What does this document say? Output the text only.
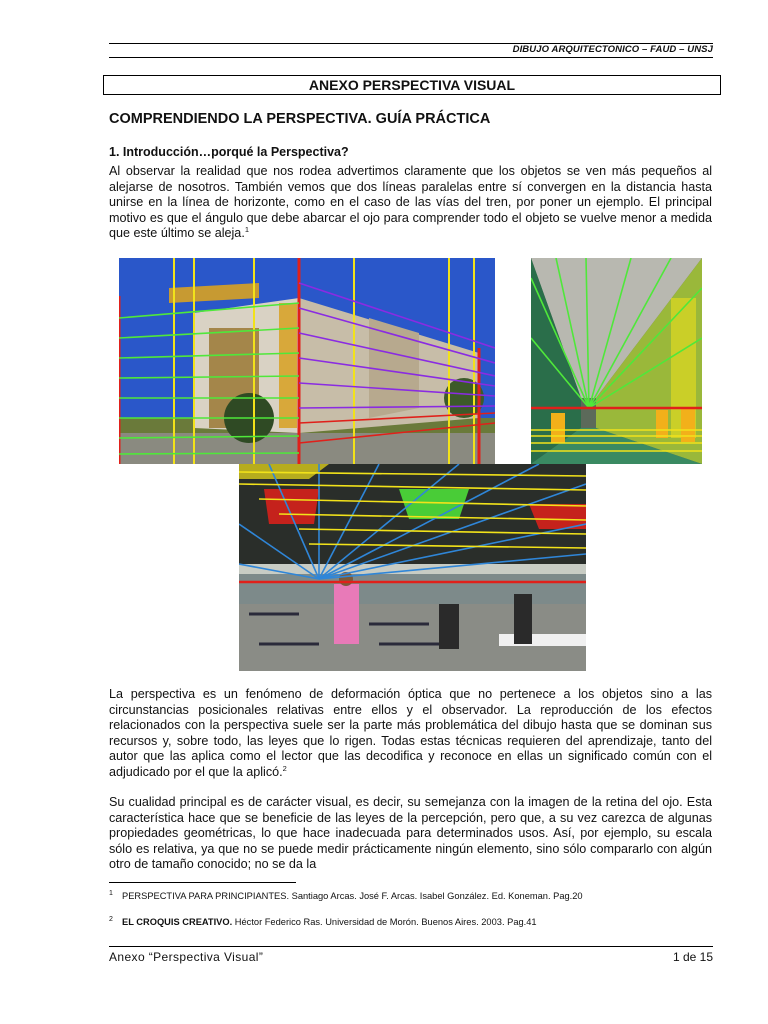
DIBUJO ARQUITECTONICO – FAUD – UNSJ
ANEXO PERSPECTIVA VISUAL
COMPRENDIENDO LA PERSPECTIVA. GUÍA PRÁCTICA
1. Introducción…porqué la Perspectiva?
Al observar la realidad que nos rodea advertimos claramente que los objetos se ven más pequeños al alejarse de nosotros. También vemos que dos líneas paralelas entre sí convergen en la distancia hasta unirse en la línea de horizonte, como en el caso de las vías del tren, por poner un ejemplo. El principal motivo es que el ángulo que debe abarcar el ojo para comprender todo el objeto se vuelve menor a medida que este último se aleja.$^1$
La perspectiva es un fenómeno de deformación óptica que no pertenece a los objetos sino a las circunstancias posicionales relativas entre ellos y el observador. La reproducción de los efectos relacionados con la perspectiva suele ser la parte más problemática del dibujo hasta que se dominan sus recursos y, sobre todo, las leyes que lo rigen. Todas estas técnicas requieren del aprendizaje, tanto del autor que las aplica como el lector que las decodifica y reconoce en ellas un significado común con el adjudicado por el que la aplicó.$^2$
Su cualidad principal es de carácter visual, es decir, su semejanza con la imagen de la retina del ojo. Esta característica hace que se beneficie de las leyes de la percepción, pero que, a su vez carezca de algunas propiedades geométricas, lo que hace inadecuada para determinados usos. Así, por ejemplo, su escala sólo es relativa, ya que no se puede medir prácticamente ningún elemento, sino sólo compararlo con algún otro de tamaño conocido; no se da la
1 PERSPECTIVA PARA PRINCIPIANTES. Santiago Arcas. José F. Arcas. Isabel González. Ed. Koneman. Pag.20
2 EL CROQUIS CREATIVO. Héctor Federico Ras. Universidad de Morón. Buenos Aires. 2003. Pag.41
Anexo “Perspectiva Visual”	1 de 15
